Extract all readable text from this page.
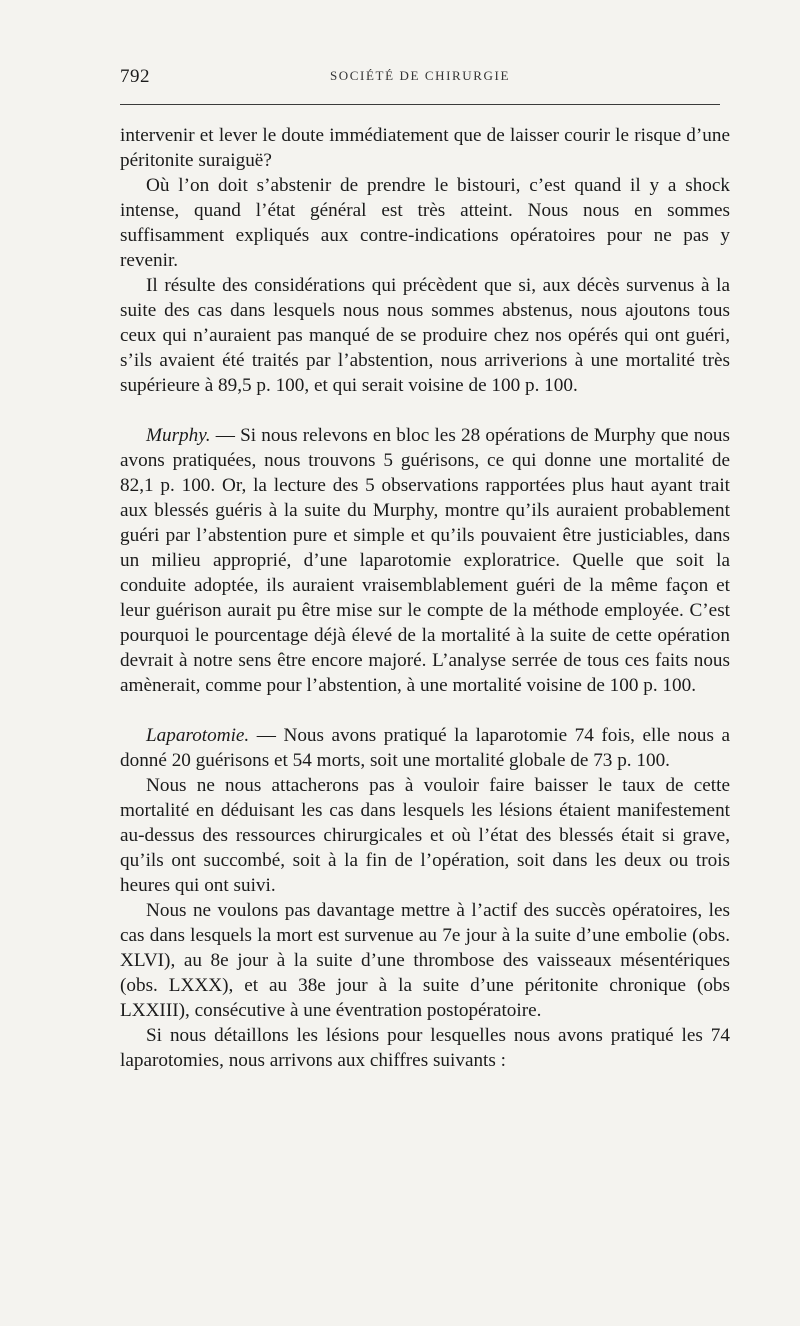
792	SOCIÉTÉ DE CHIRURGIE

intervenir et lever le doute immédiatement que de laisser courir le risque d’une péritonite suraiguë?

Où l’on doit s’abstenir de prendre le bistouri, c’est quand il y a shock intense, quand l’état général est très atteint. Nous nous en sommes suffisamment expliqués aux contre-indications opératoires pour ne pas y revenir.

Il résulte des considérations qui précèdent que si, aux décès survenus à la suite des cas dans lesquels nous nous sommes abstenus, nous ajoutons tous ceux qui n’auraient pas manqué de se produire chez nos opérés qui ont guéri, s’ils avaient été traités par l’abstention, nous arriverions à une mortalité très supérieure à 89,5 p. 100, et qui serait voisine de 100 p. 100.

Murphy. — Si nous relevons en bloc les 28 opérations de Murphy que nous avons pratiquées, nous trouvons 5 guérisons, ce qui donne une mortalité de 82,1 p. 100. Or, la lecture des 5 observations rapportées plus haut ayant trait aux blessés guéris à la suite du Murphy, montre qu’ils auraient probablement guéri par l’abstention pure et simple et qu’ils pouvaient être justiciables, dans un milieu approprié, d’une laparotomie exploratrice. Quelle que soit la conduite adoptée, ils auraient vraisemblablement guéri de la même façon et leur guérison aurait pu être mise sur le compte de la méthode employée. C’est pourquoi le pourcentage déjà élevé de la mortalité à la suite de cette opération devrait à notre sens être encore majoré. L’analyse serrée de tous ces faits nous amènerait, comme pour l’abstention, à une mortalité voisine de 100 p. 100.

Laparotomie. — Nous avons pratiqué la laparotomie 74 fois, elle nous a donné 20 guérisons et 54 morts, soit une mortalité globale de 73 p. 100.

Nous ne nous attacherons pas à vouloir faire baisser le taux de cette mortalité en déduisant les cas dans lesquels les lésions étaient manifestement au-dessus des ressources chirurgicales et où l’état des blessés était si grave, qu’ils ont succombé, soit à la fin de l’opération, soit dans les deux ou trois heures qui ont suivi.

Nous ne voulons pas davantage mettre à l’actif des succès opératoires, les cas dans lesquels la mort est survenue au 7e jour à la suite d’une embolie (obs. XLVI), au 8e jour à la suite d’une thrombose des vaisseaux mésentériques (obs. LXXX), et au 38e jour à la suite d’une péritonite chronique (obs LXXIII), consécutive à une éventration postopératoire.

Si nous détaillons les lésions pour lesquelles nous avons pratiqué les 74 laparotomies, nous arrivons aux chiffres suivants :
